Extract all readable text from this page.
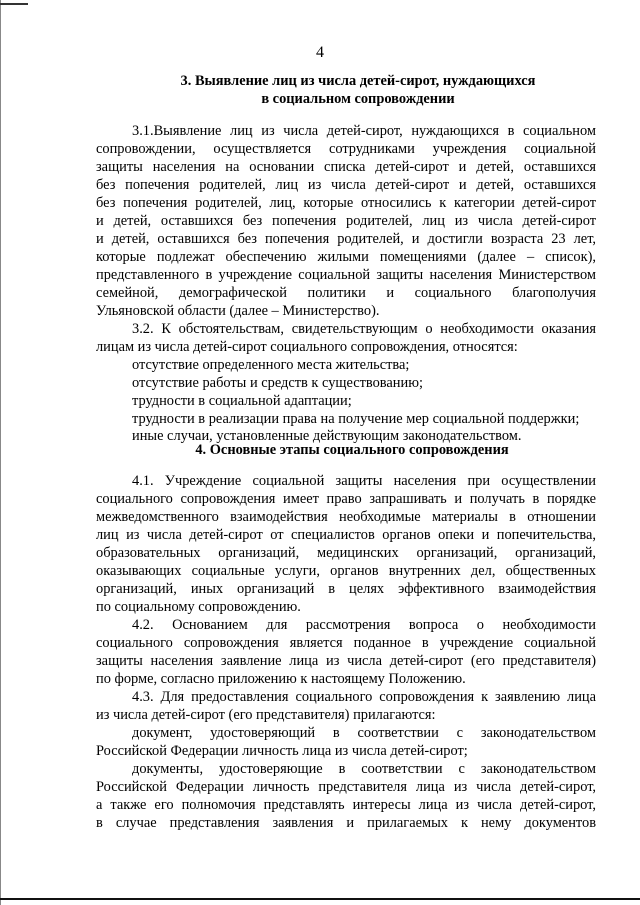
4
3. Выявление лиц из числа детей-сирот, нуждающихся
в социальном сопровождении
3.1.Выявление лиц из числа детей-сирот, нуждающихся в социальном
сопровождении, осуществляется сотрудниками учреждения социальной
защиты населения на основании списка детей-сирот и детей, оставшихся
без попечения родителей, лиц из числа детей-сирот и детей, оставшихся
без попечения родителей, лиц, которые относились к категории детей-сирот
и детей, оставшихся без попечения родителей, лиц из числа детей-сирот
и детей, оставшихся без попечения родителей, и достигли возраста 23 лет,
которые подлежат обеспечению жилыми помещениями (далее – список),
представленного в учреждение социальной защиты населения Министерством
семейной, демографической политики и социального благополучия
Ульяновской области (далее – Министерство).
3.2. К обстоятельствам, свидетельствующим о необходимости оказания
лицам из числа детей-сирот социального сопровождения, относятся:
отсутствие определенного места жительства;
отсутствие работы и средств к существованию;
трудности в социальной адаптации;
трудности в реализации права на получение мер социальной поддержки;
иные случаи, установленные действующим законодательством.
4. Основные этапы социального сопровождения
4.1. Учреждение социальной защиты населения при осуществлении
социального сопровождения имеет право запрашивать и получать в порядке
межведомственного взаимодействия необходимые материалы в отношении
лиц из числа детей-сирот от специалистов органов опеки и попечительства,
образовательных организаций, медицинских организаций, организаций,
оказывающих социальные услуги, органов внутренних дел, общественных
организаций, иных организаций в целях эффективного взаимодействия
по социальному сопровождению.
4.2. Основанием для рассмотрения вопроса о необходимости
социального сопровождения является поданное в учреждение социальной
защиты населения заявление лица из числа детей-сирот (его представителя)
по форме, согласно приложению к настоящему Положению.
4.3. Для предоставления социального сопровождения к заявлению лица
из числа детей-сирот (его представителя) прилагаются:
документ, удостоверяющий в соответствии с законодательством
Российской Федерации личность лица из числа детей-сирот;
документы, удостоверяющие в соответствии с законодательством
Российской Федерации личность представителя лица из числа детей-сирот,
а также его полномочия представлять интересы лица из числа детей-сирот,
в случае представления заявления и прилагаемых к нему документов
